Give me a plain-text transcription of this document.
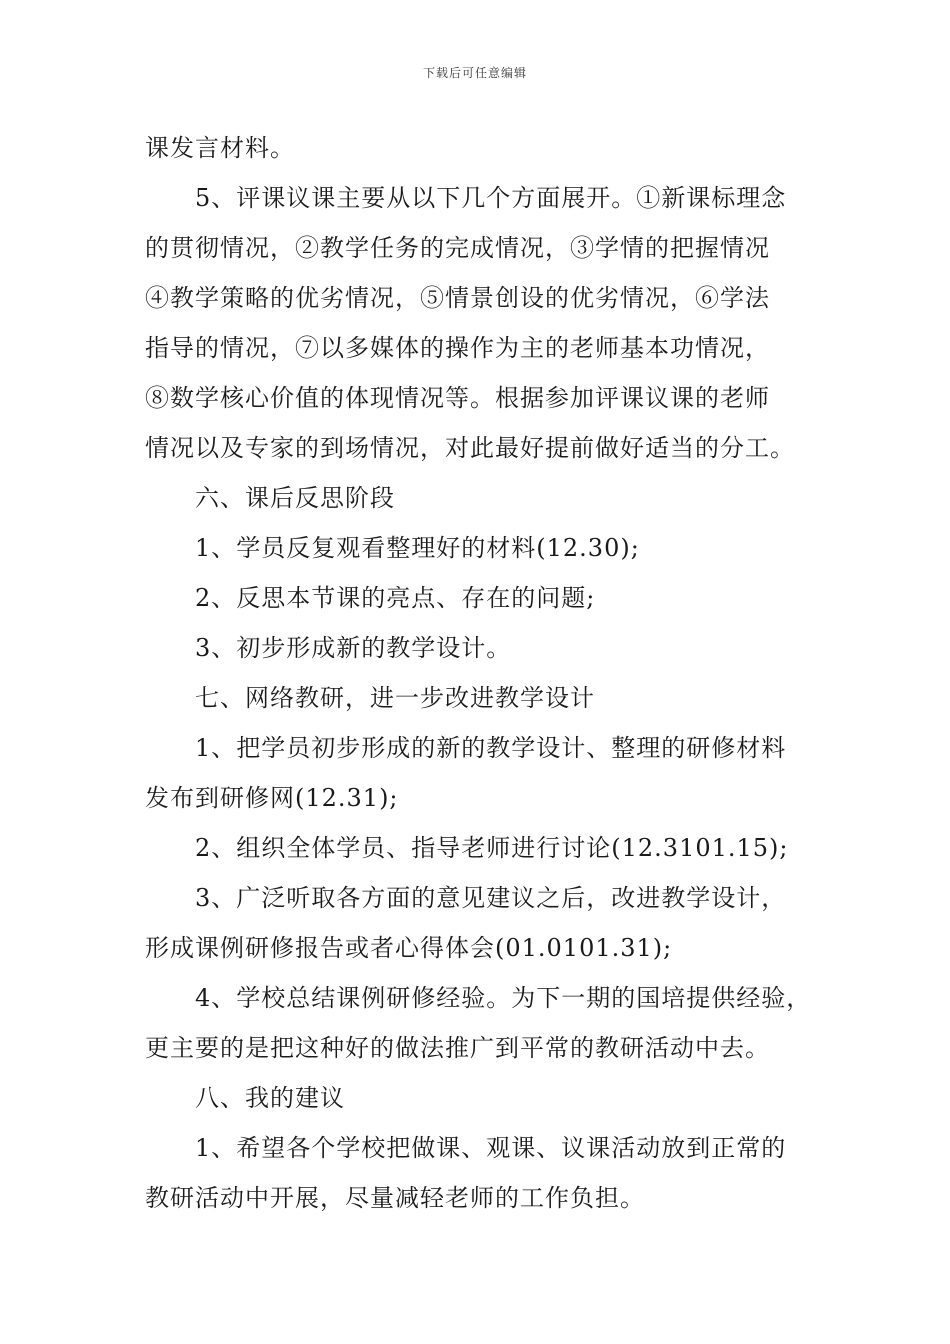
下载后可任意编辑

课发言材料。

5、评课议课主要从以下几个方面展开。①新课标理念

的贯彻情况，②教学任务的完成情况，③学情的把握情况

④教学策略的优劣情况，⑤情景创设的优劣情况，⑥学法

指导的情况，⑦以多媒体的操作为主的老师基本功情况，

⑧数学核心价值的体现情况等。根据参加评课议课的老师

情况以及专家的到场情况，对此最好提前做好适当的分工。

六、课后反思阶段

1、学员反复观看整理好的材料(12.30);

2、反思本节课的亮点、存在的问题;

3、初步形成新的教学设计。

七、网络教研，进一步改进教学设计

1、把学员初步形成的新的教学设计、整理的研修材料

发布到研修网(12.31);

2、组织全体学员、指导老师进行讨论(12.3101.15);

3、广泛听取各方面的意见建议之后，改进教学设计，

形成课例研修报告或者心得体会(01.0101.31);

4、学校总结课例研修经验。为下一期的国培提供经验，

更主要的是把这种好的做法推广到平常的教研活动中去。

八、我的建议

1、希望各个学校把做课、观课、议课活动放到正常的

教研活动中开展，尽量减轻老师的工作负担。
